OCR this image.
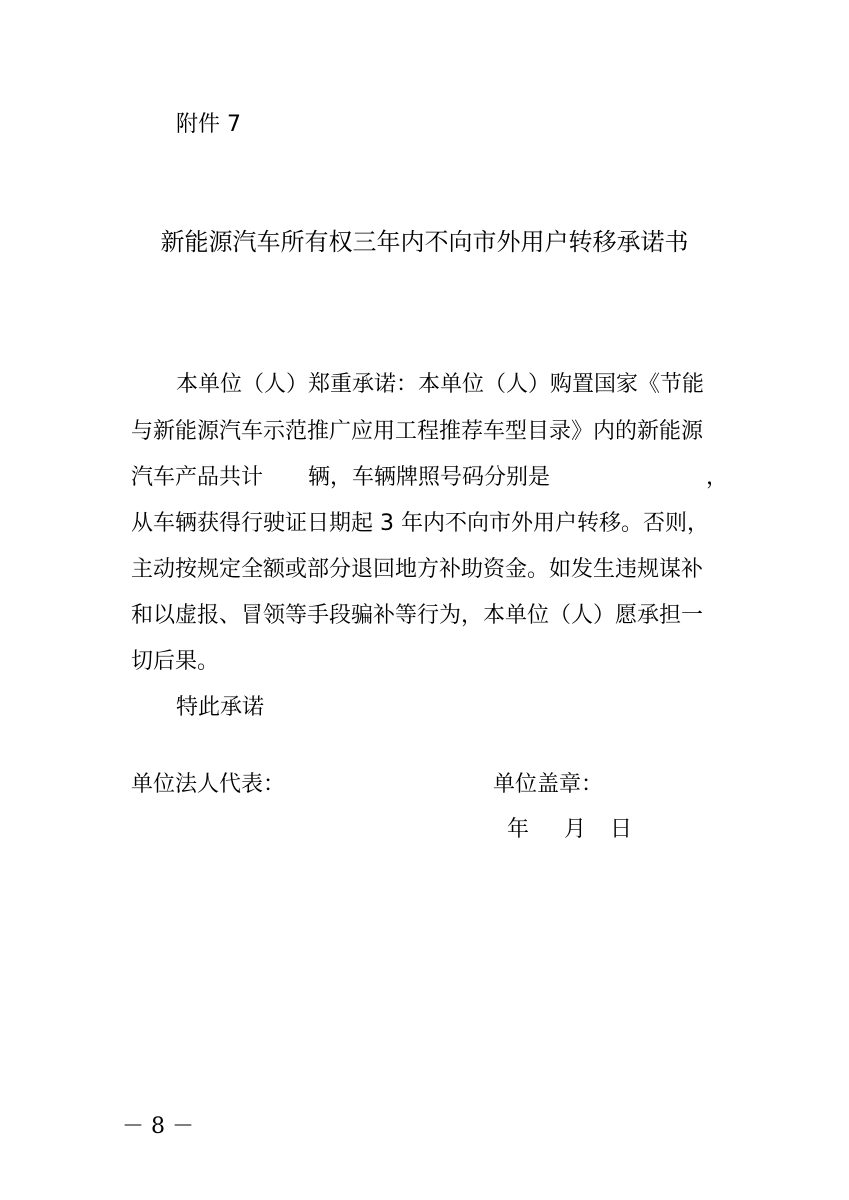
附件 7
新能源汽车所有权三年内不向市外用户转移承诺书
本单位（人）郑重承诺：本单位（人）购置国家《节能
与新能源汽车示范推广应用工程推荐车型目录》内的新能源
汽车产品共计 辆，车辆牌照号码分别是	，
从车辆获得行驶证日期起 3 年内不向市外用户转移。否则，
主动按规定全额或部分退回地方补助资金。如发生违规谋补
和以虚报、冒领等手段骗补等行为，本单位（人）愿承担一
切后果。
特此承诺
单位法人代表：	单位盖章：
年 月 日
－ 8 －
